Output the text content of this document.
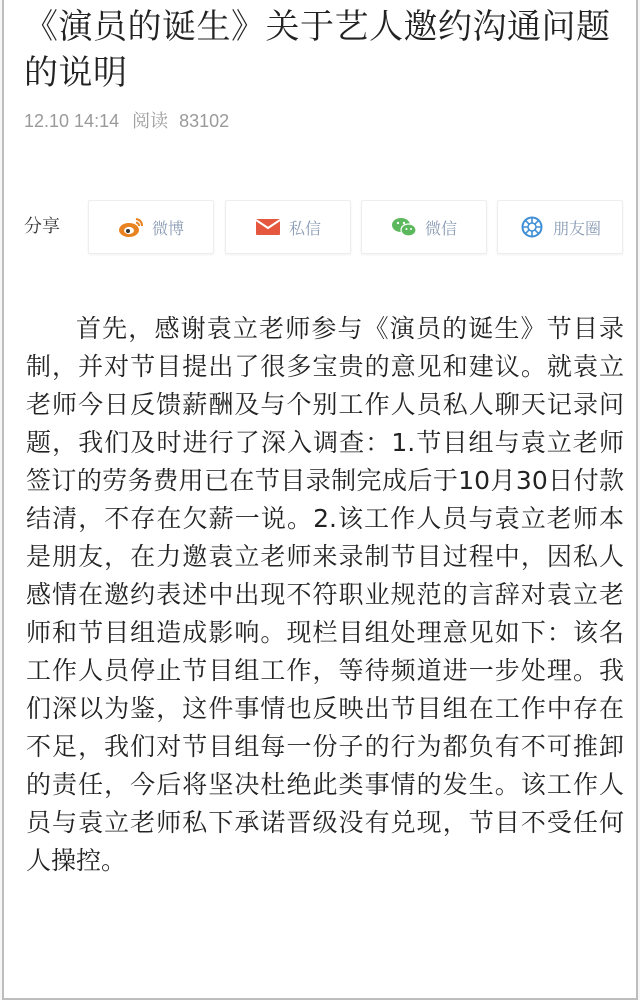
《演员的诞生》关于艺人邀约沟通问题的说明
12.10 14:14 阅读 83102
分享	微博	私信	微信	朋友圈

首先，感谢袁立老师参与《演员的诞生》节目录制，并对节目提出了很多宝贵的意见和建议。就袁立老师今日反馈薪酬及与个别工作人员私人聊天记录问题，我们及时进行了深入调查：1.节目组与袁立老师签订的劳务费用已在节目录制完成后于10月30日付款结清，不存在欠薪一说。2.该工作人员与袁立老师本是朋友，在力邀袁立老师来录制节目过程中，因私人感情在邀约表述中出现不符职业规范的言辞对袁立老师和节目组造成影响。现栏目组处理意见如下：该名工作人员停止节目组工作，等待频道进一步处理。我们深以为鉴，这件事情也反映出节目组在工作中存在不足，我们对节目组每一份子的行为都负有不可推卸的责任，今后将坚决杜绝此类事情的发生。该工作人员与袁立老师私下承诺晋级没有兑现，节目不受任何人操控。
